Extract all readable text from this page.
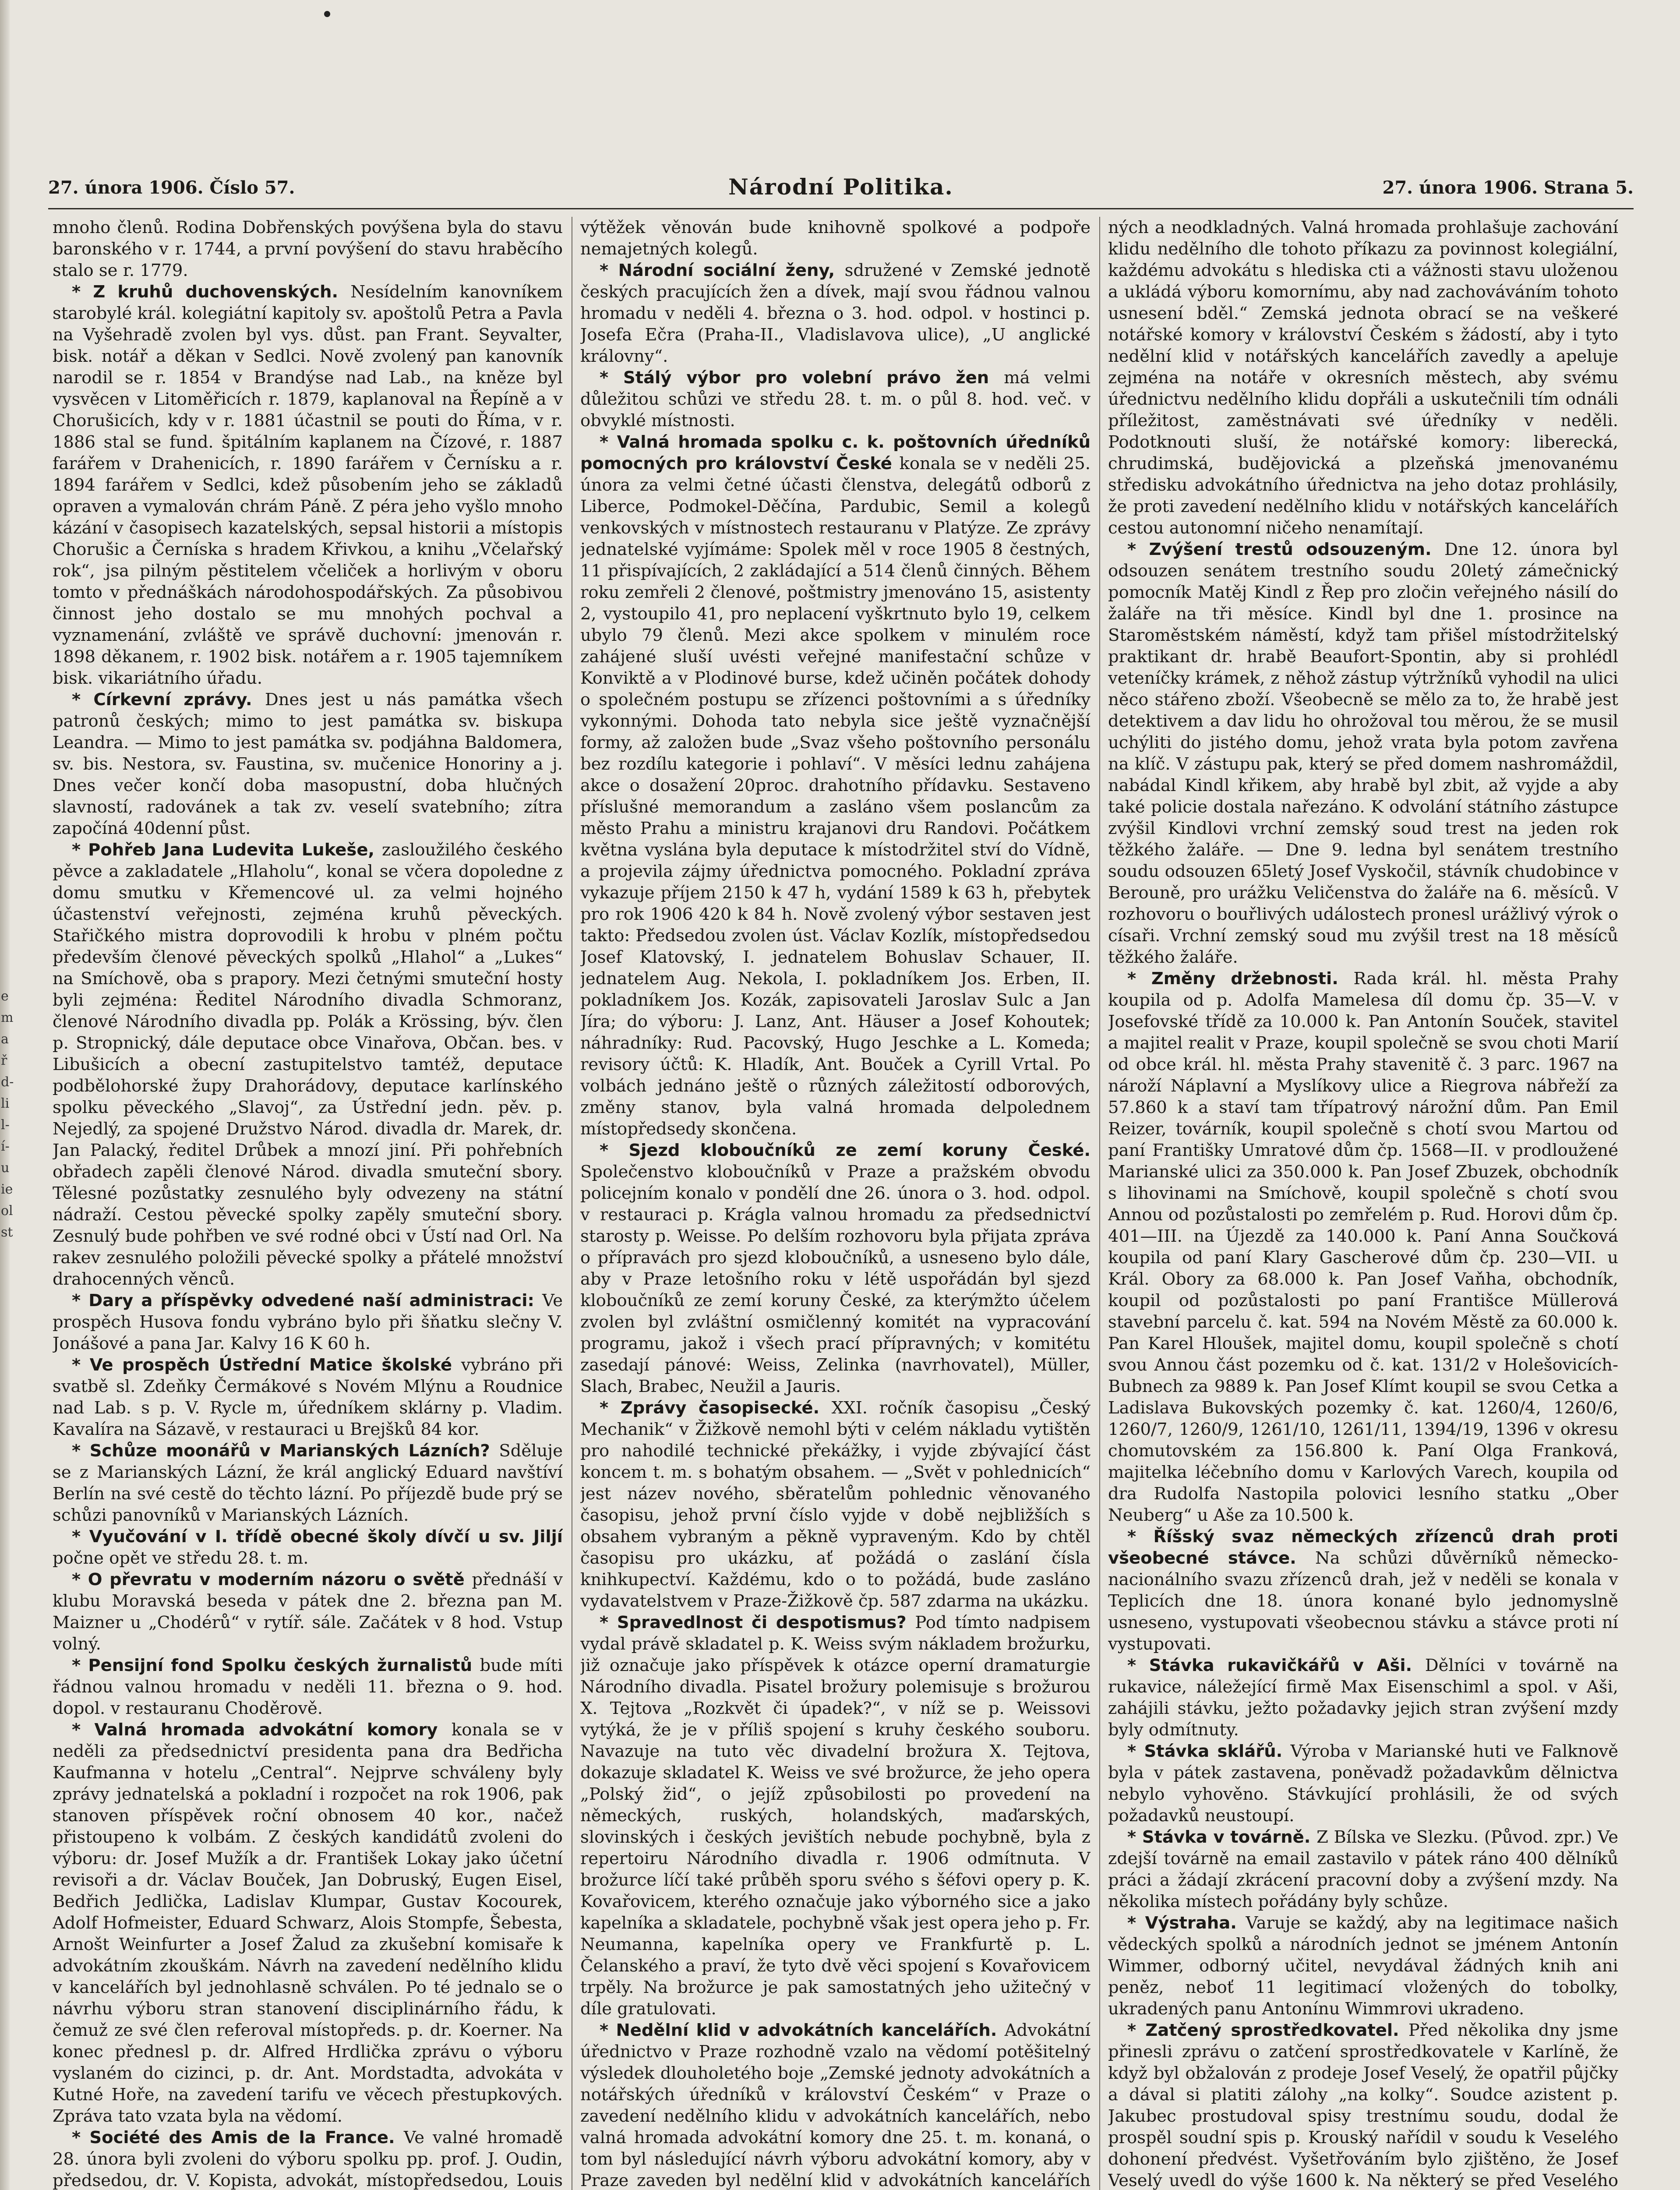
e m a ř d- li l- í- u ie ol st
27. února 1906. Číslo 57.	Národní Politika.	27. února 1906. Strana 5.

mnoho členů. Rodina Dobřenských povýšena byla do stavu baronského v r. 1744, a první povýšení do stavu hraběcího stalo se r. 1779.

* Z kruhů duchovenských. Nesídelním kanovníkem starobylé král. kolegiátní kapitoly sv. apoštolů Petra a Pavla na Vyšehradě zvolen byl vys. důst. pan Frant. Seyvalter, bisk. notář a děkan v Sedlci. Nově zvolený pan kanovník narodil se r. 1854 v Brandýse nad Lab., na kněze byl vysvěcen v Litoměřicích r. 1879, kaplanoval na Řepíně a v Chorušicích, kdy v r. 1881 účastnil se pouti do Říma, v r. 1886 stal se fund. špitálním kaplanem na Čízové, r. 1887 farářem v Drahenicích, r. 1890 farářem v Černísku a r. 1894 farářem v Sedlci, kdež působením jeho se základů opraven a vymalován chrám Páně. Z péra jeho vyšlo mnoho kázání v časopisech kazatelských, sepsal historii a místopis Chorušic a Černíska s hradem Křivkou, a knihu „Včelařský rok“, jsa pilným pěstitelem včeliček a horlivým v oboru tomto v přednáškách národohospodářských. Za působivou činnost jeho dostalo se mu mnohých pochval a vyznamenání, zvláště ve správě duchovní: jmenován r. 1898 děkanem, r. 1902 bisk. notářem a r. 1905 tajemníkem bisk. vikariátního úřadu.

* Církevní zprávy. Dnes jest u nás památka všech patronů českých; mimo to jest památka sv. biskupa Leandra. — Mimo to jest památka sv. podjáhna Baldomera, sv. bis. Nestora, sv. Faustina, sv. mučenice Honoriny a j. Dnes večer končí doba masopustní, doba hlučných slavností, radovánek a tak zv. veselí svatebního; zítra započíná 40denní půst.

* Pohřeb Jana Ludevita Lukeše, zasloužilého českého pěvce a zakladatele „Hlaholu“, konal se včera dopoledne z domu smutku v Křemencové ul. za velmi hojného účastenství veřejnosti, zejména kruhů pěveckých. Stařičkého mistra doprovodili k hrobu v plném počtu především členové pěveckých spolků „Hlahol“ a „Lukes“ na Smíchově, oba s prapory. Mezi četnými smuteční hosty byli zejména: Ředitel Národního divadla Schmoranz, členové Národního divadla pp. Polák a Krössing, býv. člen p. Stropnický, dále deputace obce Vinařova, Občan. bes. v Libušicích a obecní zastupitelstvo tamtéž, deputace podbělohorské župy Drahorádovy, deputace karlínského spolku pěveckého „Slavoj“, za Ústřední jedn. pěv. p. Nejedlý, za spojené Družstvo Národ. divadla dr. Marek, dr. Jan Palacký, ředitel Drůbek a mnozí jiní. Při pohřebních obřadech zapěli členové Národ. divadla smuteční sbory. Tělesné pozůstatky zesnulého byly odvezeny na státní nádraží. Cestou pěvecké spolky zapěly smuteční sbory. Zesnulý bude pohřben ve své rodné obci v Ústí nad Orl. Na rakev zesnulého položili pěvecké spolky a přátelé množství drahocenných věnců.

* Dary a příspěvky odvedené naší administraci: Ve prospěch Husova fondu vybráno bylo při šňatku slečny V. Jonášové a pana Jar. Kalvy 16 K 60 h.

* Ve prospěch Ústřední Matice školské vybráno při svatbě sl. Zdeňky Čermákové s Novém Mlýnu a Roudnice nad Lab. s p. V. Rycle m, úředníkem sklárny p. Vladim. Kavalíra na Sázavě, v restauraci u Brejšků 84 kor.

* Schůze moonářů v Marianských Lázních? Sděluje se z Marianských Lázní, že král anglický Eduard navštíví Berlín na své cestě do těchto lázní. Po příjezdě bude prý se schůzi panovníků v Marianských Lázních.

* Vyučování v I. třídě obecné školy dívčí u sv. Jiljípočne opět ve středu 28. t. m.

* O převratu v moderním názoru o světě přednáší v klubu Moravská beseda v pátek dne 2. března pan M. Maizner u „Chodérů“ v rytíř. sále. Začátek v 8 hod. Vstup volný.

* Pensijní fond Spolku českých žurnalistů bude míti řádnou valnou hromadu v neděli 11. března o 9. hod. dopol. v restauranu Choděrově.

* Valná hromada advokátní komory konala se v neděli za předsednictví presidenta pana dra Bedřicha Kaufmanna v hotelu „Central“. Nejprve schváleny byly zprávy jednatelská a pokladní i rozpočet na rok 1906, pak stanoven příspěvek roční obnosem 40 kor., načež přistoupeno k volbám. Z českých kandidátů zvoleni do výboru: dr. Josef Mužík a dr. František Lokay jako účetní revisoři a dr. Václav Bouček, Jan Dobruský, Eugen Eisel, Bedřich Jedlička, Ladislav Klumpar, Gustav Kocourek, Adolf Hofmeister, Eduard Schwarz, Alois Stompfe, Šebesta, Arnošt Weinfurter a Josef Žalud za zkušební komisaře k advokátním zkouškám. Návrh na zavedení nedělního klidu v kancelářích byl jednohlasně schválen. Po té jednalo se o návrhu výboru stran stanovení disciplinárního řádu, k čemuž ze své člen referoval místopředs. p. dr. Koerner. Na konec přednesl p. dr. Alfred Hrdlička zprávu o výboru vyslaném do cizinci, p. dr. Ant. Mordstadta, advokáta v Kutné Hoře, na zavedení tarifu ve věcech přestupkových. Zpráva tato vzata byla na vědomí.

* Société des Amis de la France. Ve valné hromadě 28. února byli zvoleni do výboru spolku pp. prof. J. Oudin, předsedou, dr. V. Kopista, advokát, místopředsedou, Louis

výtěžek věnován bude knihovně spolkové a podpoře nemajetných kolegů.

* Národní sociální ženy, sdružené v Zemské jednotě českých pracujících žen a dívek, mají svou řádnou valnou hromadu v neděli 4. března o 3. hod. odpol. v hostinci p. Josefa Ečra (Praha-II., Vladislavova ulice), „U anglické královny“.

* Stálý výbor pro volební právo žen má velmi důležitou schůzi ve středu 28. t. m. o půl 8. hod. več. v obvyklé místnosti.

* Valná hromada spolku c. k. poštovních úředníků pomocných pro království České konala se v neděli 25. února za velmi četné účasti členstva, delegátů odborů z Liberce, Podmokel-Děčína, Pardubic, Semil a kolegů venkovských v místnostech restauranu v Platýze. Ze zprávy jednatelské vyjímáme: Spolek měl v roce 1905 8 čestných, 11 přispívajících, 2 zakládající a 514 členů činných. Během roku zemřeli 2 členové, poštmistry jmenováno 15, asistenty 2, vystoupilo 41, pro neplacení vyškrtnuto bylo 19, celkem ubylo 79 členů. Mezi akce spolkem v minulém roce zahájené sluší uvésti veřejné manifestační schůze v Konviktě a v Plodinové burse, kdež učiněn počátek dohody o společném postupu se zřízenci poštovními a s úředníky vykonnými. Dohoda tato nebyla sice ještě vyznačnější formy, až založen bude „Svaz všeho poštovního personálu bez rozdílu kategorie i pohlaví“. V měsíci lednu zahájena akce o dosažení 20proc. drahotního přídavku. Sestaveno příslušné memorandum a zasláno všem poslancům za město Prahu a ministru krajanovi dru Randovi. Počátkem května vyslána byla deputace k místodržitel ství do Vídně, a projevila zájmy úřednictva pomocného. Pokladní zpráva vykazuje příjem 2150 k 47 h, vydání 1589 k 63 h, přebytek pro rok 1906 420 k 84 h. Nově zvolený výbor sestaven jest takto: Předsedou zvolen úst. Václav Kozlík, místopředsedou Josef Klatovský, I. jednatelem Bohuslav Schauer, II. jednatelem Aug. Nekola, I. pokladníkem Jos. Erben, II. pokladníkem Jos. Kozák, zapisovateli Jaroslav Sulc a Jan Jíra; do výboru: J. Lanz, Ant. Häuser a Josef Kohoutek; náhradníky: Rud. Pacovský, Hugo Jeschke a L. Komeda; revisory účtů: K. Hladík, Ant. Bouček a Cyrill Vrtal. Po volbách jednáno ještě o různých záležitostí odborových, změny stanov, byla valná hromada delpolednem místopředsedy skončena.

* Sjezd kloboučníků ze zemí koruny České.Společenstvo kloboučníků v Praze a pražském obvodu policejním konalo v pondělí dne 26. února o 3. hod. odpol. v restauraci p. Krágla valnou hromadu za předsednictví starosty p. Weisse. Po delším rozhovoru byla přijata zpráva o přípravách pro sjezd kloboučníků, a usneseno bylo dále, aby v Praze letošního roku v létě uspořádán byl sjezd kloboučníků ze zemí koruny České, za kterýmžto účelem zvolen byl zvláštní osmičlenný komitét na vypracování programu, jakož i všech prací přípravných; v komitétu zasedají pánové: Weiss, Zelinka (navrhovatel), Müller, Slach, Brabec, Neužil a Jauris.

* Zprávy časopisecké. XXI. ročník časopisu „Český Mechanik“ v Žižkově nemohl býti v celém nákladu vytištěn pro nahodilé technické překážky, i vyjde zbývající část koncem t. m. s bohatým obsahem. — „Svět v pohlednicích“ jest název nového, sběratelům pohlednic věnovaného časopisu, jehož první číslo vyjde v době nejbližších s obsahem vybraným a pěkně vypraveným. Kdo by chtěl časopisu pro ukázku, ať požádá o zaslání čísla knihkupectví. Každému, kdo o to požádá, bude zasláno vydavatelstvem v Praze-Žižkově čp. 587 zdarma na ukázku.

* Spravedlnost či despotismus? Pod tímto nadpisem vydal právě skladatel p. K. Weiss svým nákladem brožurku, již označuje jako příspěvek k otázce operní dramaturgie Národního divadla. Pisatel brožury polemisuje s brožurou X. Tejtova „Rozkvět či úpadek?“, v níž se p. Weissovi vytýká, že je v příliš spojení s kruhy českého souboru. Navazuje na tuto věc divadelní brožura X. Tejtova, dokazuje skladatel K. Weiss ve své brožurce, že jeho opera „Polský žid“, o jejíž způsobilosti po provedení na německých, ruských, holandských, maďarských, slovinských i českých jevištích nebude pochybně, byla z repertoiru Národního divadla r. 1906 odmítnuta. V brožurce líčí také průběh sporu svého s šéfovi opery p. K. Kovařovicem, kterého označuje jako výborného sice a jako kapelníka a skladatele, pochybně však jest opera jeho p. Fr. Neumanna, kapelníka opery ve Frankfurtě p. L. Čelanského a praví, že tyto dvě věci spojení s Kovařovicem trpěly. Na brožurce je pak samostatných jeho užitečný v díle gratulovati.

* Nedělní klid v advokátních kancelářích. Advokátní úřednictvo v Praze rozhodně vzalo na vědomí potěšitelný výsledek dlouholetého boje „Zemské jednoty advokátních a notářských úředníků v království Českém“ v Praze o zavedení nedělního klidu v advokátních kancelářích, nebo valná hromada advokátní komory dne 25. t. m. konaná, o tom byl následující návrh výboru advokátní komory, aby v Praze zaveden byl nedělní klid v advokátních kancelářích

ných a neodkladných. Valná hromada prohlašuje zachování klidu nedělního dle tohoto příkazu za povinnost kolegiální, každému advokátu s hlediska cti a vážnosti stavu uloženou a ukládá výboru komornímu, aby nad zachováváním tohoto usnesení bděl.“ Zemská jednota obrací se na veškeré notářské komory v království Českém s žádostí, aby i tyto nedělní klid v notářských kancelářích zavedly a apeluje zejména na notáře v okresních městech, aby svému úřednictvu nedělního klidu dopřáli a uskutečnili tím odnáli příležitost, zaměstnávati své úředníky v neděli. Podotknouti sluší, že notářské komory: liberecká, chrudimská, budějovická a plzeňská jmenovanému středisku advokátního úřednictva na jeho dotaz prohlásily, že proti zavedení nedělního klidu v notářských kancelářích cestou autonomní ničeho nenamítají.

* Zvýšení trestů odsouzeným. Dne 12. února byl odsouzen senátem trestního soudu 20letý zámečnický pomocník Matěj Kindl z Řep pro zločin veřejného násilí do žaláře na tři měsíce. Kindl byl dne 1. prosince na Staroměstském náměstí, když tam přišel místodržitelský praktikant dr. hrabě Beaufort-Spontin, aby si prohlédl veteníčky krámek, z něhož zástup výtržníků vyhodil na ulici něco stářeno zboží. Všeobecně se mělo za to, že hrabě jest detektivem a dav lidu ho ohrožoval tou měrou, že se musil uchýliti do jistého domu, jehož vrata byla potom zavřena na klíč. V zástupu pak, který se před domem nashromáždil, nabádal Kindl křikem, aby hrabě byl zbit, až vyjde a aby také policie dostala nařezáno. K odvolání státního zástupce zvýšil Kindlovi vrchní zemský soud trest na jeden rok těžkého žaláře. — Dne 9. ledna byl senátem trestního soudu odsouzen 65letý Josef Vyskočil, stávník chudobince v Berouně, pro urážku Veličenstva do žaláře na 6. měsíců. V rozhovoru o bouřlivých událostech pronesl urážlivý výrok o císaři. Vrchní zemský soud mu zvýšil trest na 18 měsíců těžkého žaláře.

* Změny držebnosti. Rada král. hl. města Prahy koupila od p. Adolfa Mamelesa díl domu čp. 35—V. v Josefovské třídě za 10.000 k. Pan Antonín Souček, stavitel a majitel realit v Praze, koupil společně se svou choti Marií od obce král. hl. města Prahy stavenitě č. 3 parc. 1967 na nároží Náplavní a Myslíkovy ulice a Riegrova nábřeží za 57.860 k a staví tam třípatrový nárožní dům. Pan Emil Reizer, továrník, koupil společně s chotí svou Martou od paní Františky Umratové dům čp. 1568—II. v prodloužené Marianské ulici za 350.000 k. Pan Josef Zbuzek, obchodník s lihovinami na Smíchově, koupil společně s chotí svou Annou od pozůstalosti po zemřelém p. Rud. Horovi dům čp. 401—III. na Újezdě za 140.000 k. Paní Anna Součková koupila od paní Klary Gascherové dům čp. 230—VII. u Král. Obory za 68.000 k. Pan Josef Vaňha, obchodník, koupil od pozůstalosti po paní Františce Müllerová stavební parcelu č. kat. 594 na Novém Městě za 60.000 k. Pan Karel Hloušek, majitel domu, koupil společně s chotí svou Annou část pozemku od č. kat. 131/2 v Holešovicích-Bubnech za 9889 k. Pan Josef Klímt koupil se svou Cetka a Ladislava Bukovských pozemky č. kat. 1260/4, 1260/6, 1260/7, 1260/9, 1261/10, 1261/11, 1394/19, 1396 v okresu chomutovském za 156.800 k. Paní Olga Franková, majitelka léčebního domu v Karlových Varech, koupila od dra Rudolfa Nastopila polovici lesního statku „Ober Neuberg“ u Aše za 10.500 k.

* Říšský svaz německých zřízenců drah proti všeobecné stávce. Na schůzi důvěrníků německo-nacionálního svazu zřízenců drah, jež v neděli se konala v Teplicích dne 18. února konané bylo jednomyslně usneseno, vystupovati všeobecnou stávku a stávce proti ní vystupovati.

* Stávka rukavičkářů v Aši. Dělníci v továrně na rukavice, náležející firmě Max Eisenschiml a spol. v Aši, zahájili stávku, ježto požadavky jejich stran zvýšení mzdy byly odmítnuty.

* Stávka sklářů. Výroba v Marianské huti ve Falknově byla v pátek zastavena, poněvadž požadavkům dělnictva nebylo vyhověno. Stávkující prohlásili, že od svých požadavků neustoupí.

* Stávka v továrně. Z Bílska ve Slezku. (Původ. zpr.) Ve zdejší továrně na email zastavilo v pátek ráno 400 dělníků práci a žádají zkrácení pracovní doby a zvýšení mzdy. Na několika místech pořádány byly schůze.

* Výstraha. Varuje se každý, aby na legitimace našich vědeckých spolků a národních jednot se jménem Antonín Wimmer, odborný učitel, nevydával žádných knih ani peněz, neboť 11 legitimací vložených do tobolky, ukradených panu Antonínu Wimmrovi ukradeno.

* Zatčený sprostředkovatel. Před několika dny jsme přinesli zprávu o zatčení sprostředkovatele v Karlíně, že když byl obžalován z prodeje Josef Veselý, že opatřil půjčky a dával si platiti zálohy „na kolky“. Soudce azistent p. Jakubec prostudoval spisy trestnímu soudu, dodal že prospěl soudní spis p. Krouský nařídil v soudu k Veselého dohonení předvést. Vyšetřováním bylo zjištěno, že Josef Veselý uvedl do výše 1600 k. Na některý se před Veselého
